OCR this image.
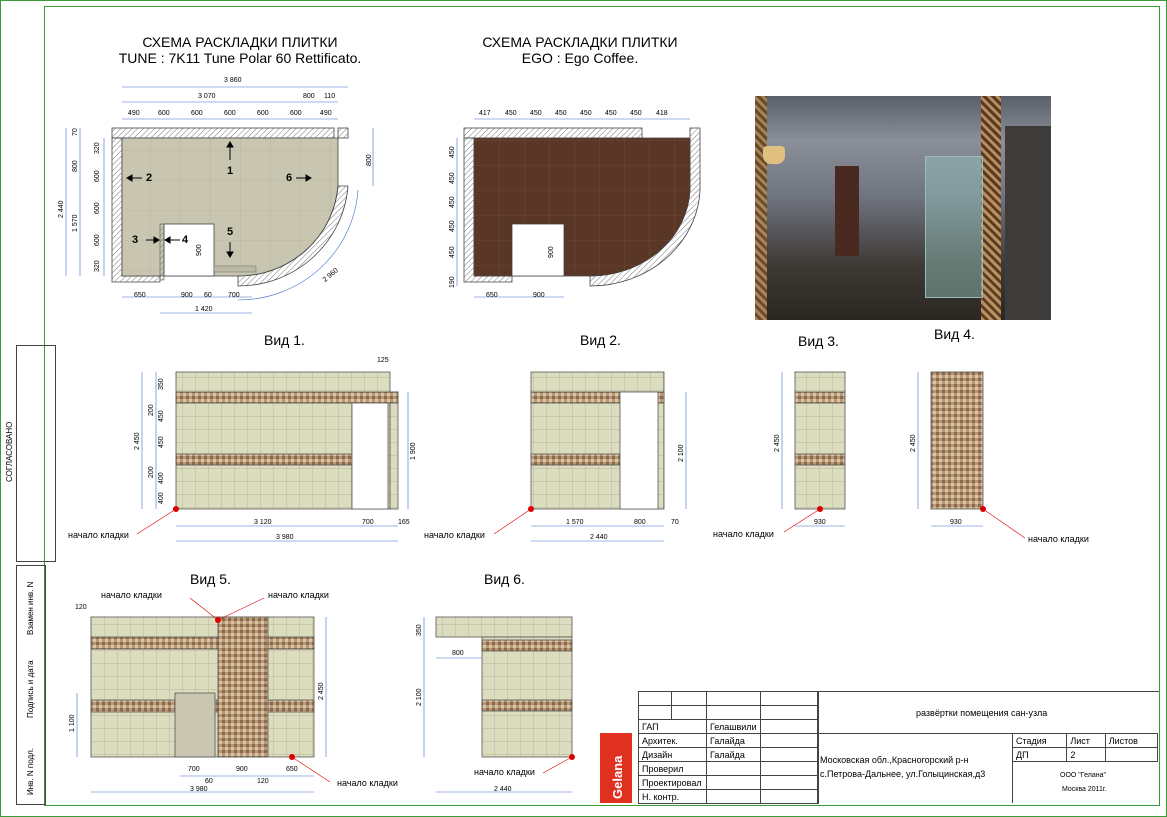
СОГЛАСОВАНО
Взамен инв. N
Подпись и дата
Инв. N подл.
СХЕМА РАСКЛАДКИ ПЛИТКИ
TUNE : 7K11 Tune Polar 60 Rettificato.
СХЕМА РАСКЛАДКИ ПЛИТКИ
EGO : Ego Coffee.
3 860
3 070	800 110
490	600	600	600	600	600	490
2 440
1 570
70
800
320
600
600
600
320
800
650	900 60 700
1 420
2 960
1
2	6
3	4
5
900
417 450 450 450 450 450 450 418
450
450
450
450
450
190
650	900
900
Вид 1.	Вид 2.	Вид 3.	Вид 4.
Вид 5.	Вид 6.
2 450
350
200
450
450
200
400
400
125
1 900
3 120	700	165
3 980
2 100
1 570	800	70
2 440
2 450
930
2 450
930
120
2 450
1 100
700	900	650
60	120
3 980
350
800
2 100
2 440
начало кладки	начало кладки	начало кладки	начало кладки
начало кладки	начало кладки
начало кладки
начало кладки	Gelana

ГАП		Гелашвили	
Архитек.		Галайда	
Дизайн		Галайда	
Проверил			
Проектировал			
Н. контр.			
развёртки помещения сан-узла
Московская обл.,Красногорский р-н
с.Петрова-Дальнее, ул.Голыцинская,д3
Стадия	Лист	Листов
ДП	2	
ООО "Гелана"
Москва 2011г.
